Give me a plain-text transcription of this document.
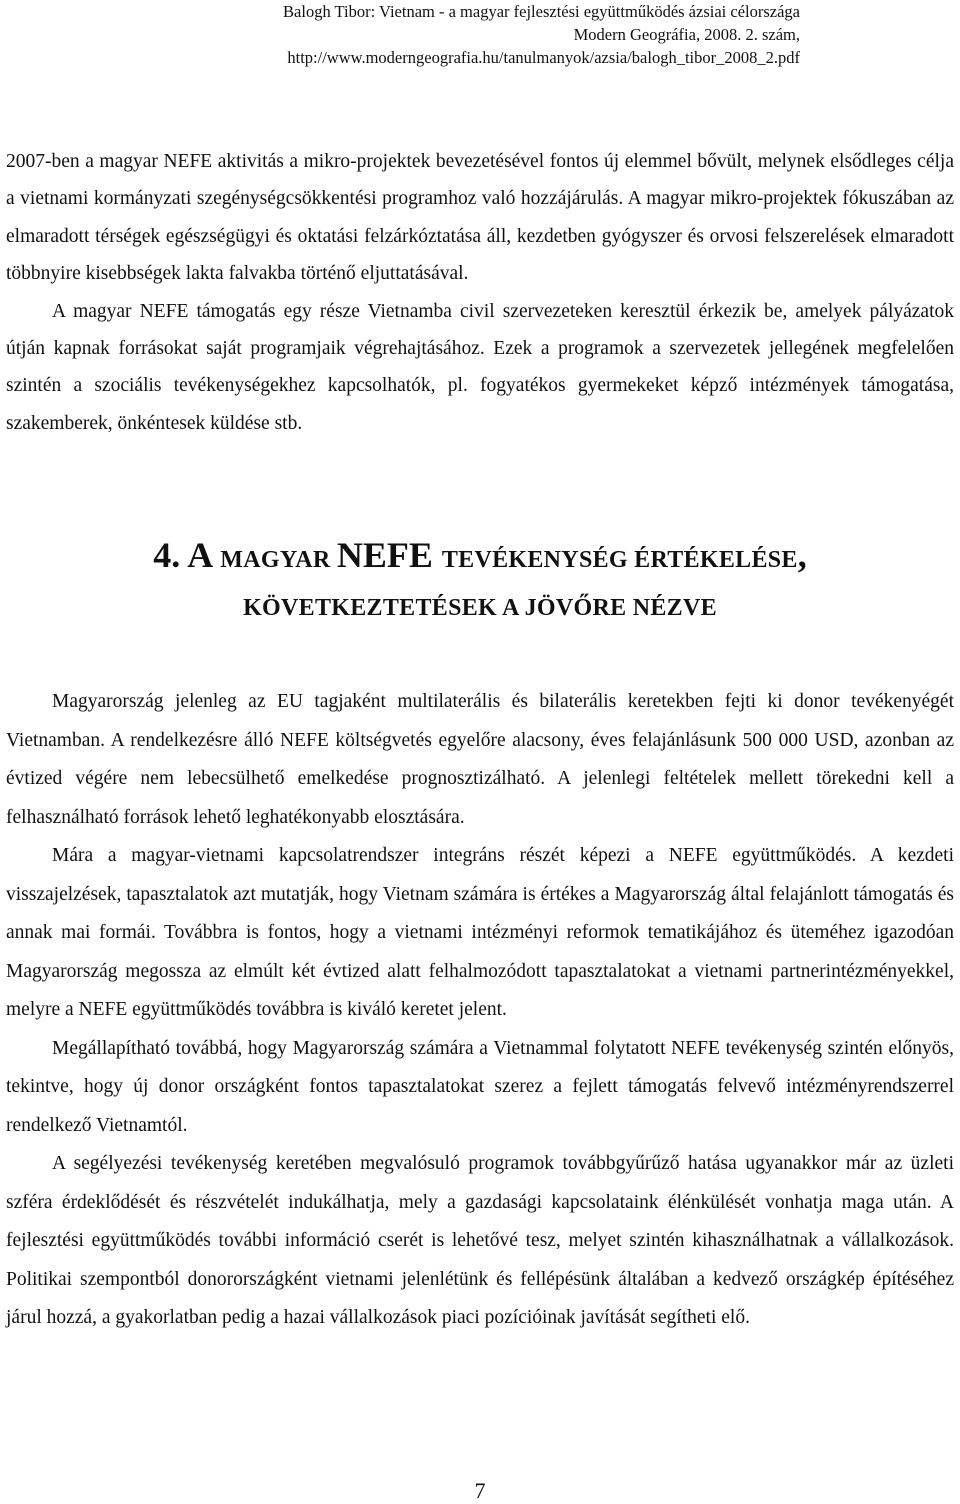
Balogh Tibor: Vietnam - a magyar fejlesztési együttműködés ázsiai célországa
Modern Geográfia, 2008. 2. szám,
http://www.moderngeografia.hu/tanulmanyok/azsia/balogh_tibor_2008_2.pdf

2007-ben a magyar NEFE aktivitás a mikro-projektek bevezetésével fontos új elemmel bővült, melynek elsődleges célja a vietnami kormányzati szegénységcsökkentési programhoz való hozzájárulás. A magyar mikro-projektek fókuszában az elmaradott térségek egészségügyi és oktatási felzárkóztatása áll, kezdetben gyógyszer és orvosi felszerelések elmaradott többnyire kisebbségek lakta falvakba történő eljuttatásával.

A magyar NEFE támogatás egy része Vietnamba civil szervezeteken keresztül érkezik be, amelyek pályázatok útján kapnak forrásokat saját programjaik végrehajtásához. Ezek a programok a szervezetek jellegének megfelelően szintén a szociális tevékenységekhez kapcsolhatók, pl. fogyatékos gyermekeket képző intézmények támogatása, szakemberek, önkéntesek küldése stb.

4. A MAGYAR NEFE TEVÉKENYSÉG ÉRTÉKELÉSE,
KÖVETKEZTETÉSEK A JÖVŐRE NÉZVE

Magyarország jelenleg az EU tagjaként multilaterális és bilaterális keretekben fejti ki donor tevékenyégét Vietnamban. A rendelkezésre álló NEFE költségvetés egyelőre alacsony, éves felajánlásunk 500 000 USD, azonban az évtized végére nem lebecsülhető emelkedése prognosztizálható. A jelenlegi feltételek mellett törekedni kell a felhasználható források lehető leghatékonyabb elosztására.

Mára a magyar-vietnami kapcsolatrendszer integráns részét képezi a NEFE együttműködés. A kezdeti visszajelzések, tapasztalatok azt mutatják, hogy Vietnam számára is értékes a Magyarország által felajánlott támogatás és annak mai formái. Továbbra is fontos, hogy a vietnami intézményi reformok tematikájához és üteméhez igazodóan Magyarország megossza az elmúlt két évtized alatt felhalmozódott tapasztalatokat a vietnami partnerintézményekkel, melyre a NEFE együttműködés továbbra is kiváló keretet jelent.

Megállapítható továbbá, hogy Magyarország számára a Vietnammal folytatott NEFE tevékenység szintén előnyös, tekintve, hogy új donor országként fontos tapasztalatokat szerez a fejlett támogatás felvevő intézményrendszerrel rendelkező Vietnamtól.

A segélyezési tevékenység keretében megvalósuló programok továbbgyűrűző hatása ugyanakkor már az üzleti szféra érdeklődését és részvételét indukálhatja, mely a gazdasági kapcsolataink élénkülését vonhatja maga után. A fejlesztési együttműködés további információ cserét is lehetővé tesz, melyet szintén kihasználhatnak a vállalkozások. Politikai szempontból donorországként vietnami jelenlétünk és fellépésünk általában a kedvező országkép építéséhez járul hozzá, a gyakorlatban pedig a hazai vállalkozások piaci pozícióinak javítását segítheti elő.

7
